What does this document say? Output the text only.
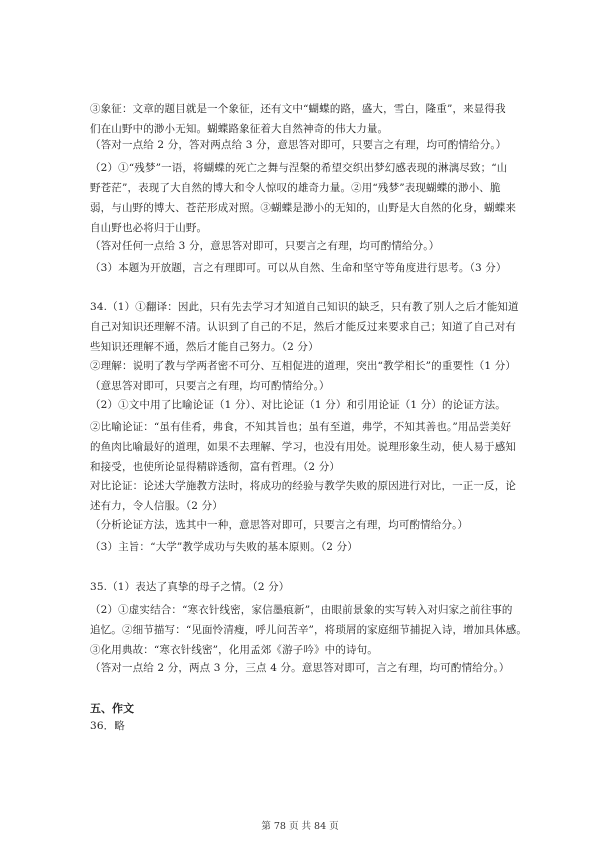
③象征：文章的题目就是一个象征，还有文中“蝴蝶的路，盛大，雪白，隆重”，来显得我
们在山野中的渺小无知。蝴蝶路象征着大自然神奇的伟大力量。
（答对一点给 2 分，答对两点给 3 分，意思答对即可，只要言之有理，均可酌情给分。）
（2）①“残梦”一语，将蝴蝶的死亡之舞与涅槃的希望交织出梦幻感表现的淋漓尽致；“山
野苍茫”，表现了大自然的博大和令人惊叹的雄奇力量。②用“残梦”表现蝴蝶的渺小、脆
弱，与山野的博大、苍茫形成对照。③蝴蝶是渺小的无知的，山野是大自然的化身，蝴蝶来
自山野也必将归于山野。
（答对任何一点给 3 分，意思答对即可，只要言之有理，均可酌情给分。）
（3）本题为开放题，言之有理即可。可以从自然、生命和坚守等角度进行思考。（3 分）
34.（1）①翻译：因此，只有先去学习才知道自己知识的缺乏，只有教了别人之后才能知道
自己对知识还理解不清。认识到了自己的不足，然后才能反过来要求自己；知道了自己对有
些知识还理解不通，然后才能自己努力。（2 分）
②理解：说明了教与学两者密不可分、互相促进的道理，突出“教学相长”的重要性（1 分）
（意思答对即可，只要言之有理，均可酌情给分。）
（2）①文中用了比喻论证（1 分）、对比论证（1 分）和引用论证（1 分）的论证方法。
②比喻论证：“虽有佳肴，弗食，不知其旨也；虽有至道，弗学，不知其善也。”用品尝美好
的鱼肉比喻最好的道理，如果不去理解、学习，也没有用处。说理形象生动，使人易于感知
和接受，也使所论显得精辟透彻，富有哲理。（2 分）
对比论证：论述大学施教方法时，将成功的经验与教学失败的原因进行对比，一正一反，论
述有力，令人信服。（2 分）
（分析论证方法，选其中一种，意思答对即可，只要言之有理，均可酌情给分。）
（3）主旨：“大学”教学成功与失败的基本原则。（2 分）
35.（1）表达了真挚的母子之情。（2 分）
（2）①虚实结合：“寒衣针线密，家信墨痕新”，由眼前景象的实写转入对归家之前往事的
追忆。②细节描写：“见面怜清瘦，呼儿问苦辛”，将琐屑的家庭细节捕捉入诗，增加具体感。
③化用典故：“寒衣针线密”，化用孟郊《游子吟》中的诗句。
（答对一点给 2 分，两点 3 分，三点 4 分。意思答对即可，言之有理，均可酌情给分。）
五、作文
36．略
第 78 页 共 84 页
